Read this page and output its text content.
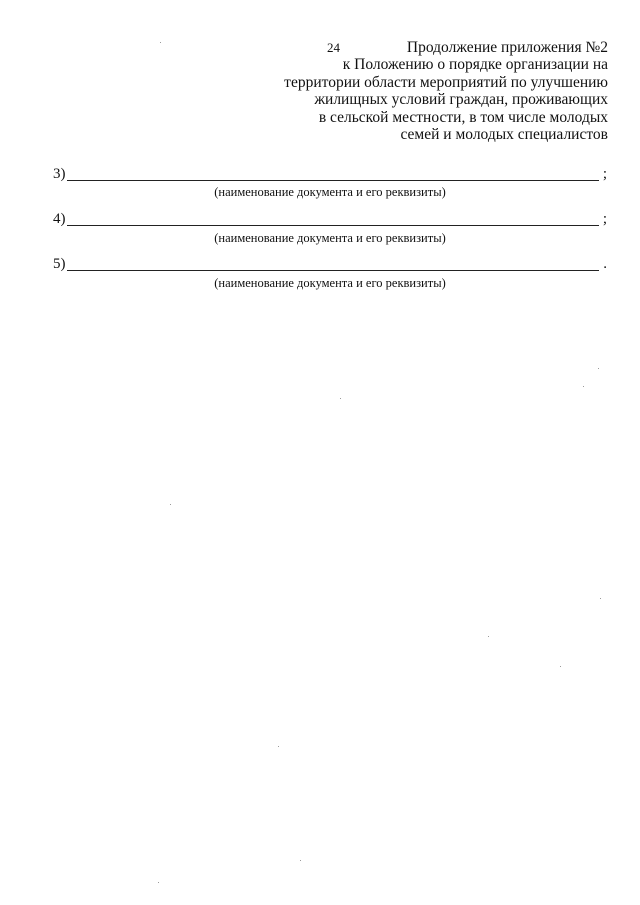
24	Продолжение приложения №2
к Положению о порядке организации на
территории области мероприятий по улучшению
жилищных условий граждан, проживающих
в сельской местности, в том числе молодых
семей и молодых специалистов
3)	;
(наименование документа и его реквизиты)
4)	;
(наименование документа и его реквизиты)
5)	.
(наименование документа и его реквизиты)
